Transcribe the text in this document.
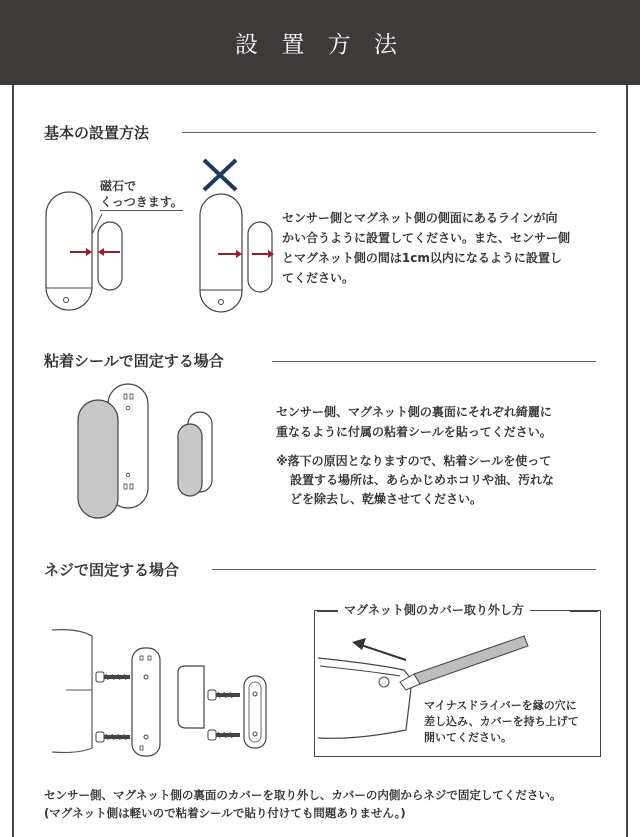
設 置 方 法
基本の設置方法
磁石で
くっつきます。
センサー側とマグネット側の側面にあるラインが向
かい合うように設置してください。また、センサー側
とマグネット側の間は1cm以内になるように設置し
てください。
粘着シールで固定する場合
センサー側、マグネット側の裏面にそれぞれ綺麗に
重なるように付属の粘着シールを貼ってください。
※落下の原因となりますので、粘着シールを使って
設置する場所は、あらかじめホコリや油、汚れな
どを除去し、乾燥させてください。
ネジで固定する場合
マグネット側のカバー取り外し方
マイナスドライバーを縁の穴に
差し込み、カバーを持ち上げて
開いてください。
センサー側、マグネット側の裏面のカバーを取り外し、カバーの内側からネジで固定してください。
(マグネット側は軽いので粘着シールで貼り付けても問題ありません。)
